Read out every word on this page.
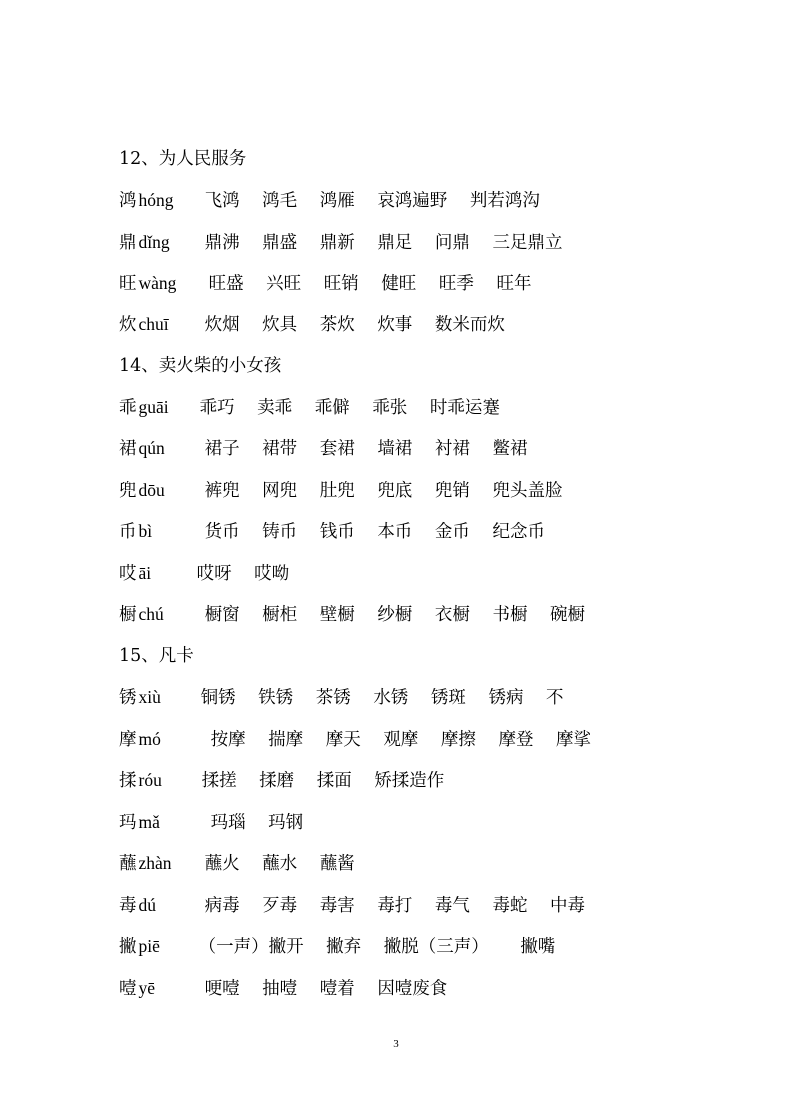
12、为人民服务
鸿 hóng 飞鸿 鸿毛 鸿雁 哀鸿遍野 判若鸿沟
鼎 dǐng 鼎沸 鼎盛 鼎新 鼎足 问鼎 三足鼎立
旺 wàng 旺盛 兴旺 旺销 健旺 旺季 旺年
炊 chuī 炊烟 炊具 茶炊 炊事 数米而炊
14、卖火柴的小女孩
乖 guāi 乖巧 卖乖 乖僻 乖张 时乖运蹇
裙 qún 裙子 裙带 套裙 墙裙 衬裙 鳖裙
兜 dōu 裤兜 网兜 肚兜 兜底 兜销 兜头盖脸
币 bì	货币 铸币 钱币 本币 金币 纪念币
哎 āi	哎呀 哎呦
橱 chú 橱窗 橱柜 壁橱 纱橱 衣橱 书橱 碗橱
15、凡卡
锈 xiù 铜锈 铁锈 茶锈 水锈 锈斑 锈病 不
摩 mó	按摩 揣摩 摩天 观摩 摩擦 摩登 摩挲
揉 róu 揉搓 揉磨 揉面 矫揉造作
玛 mǎ	玛瑙 玛钢
蘸 zhàn 蘸火 蘸水 蘸酱
毒 dú	病毒 歹毒 毒害 毒打 毒气 毒蛇 中毒
撇 piē （一声）撇开 撇弃 撇脱（三声） 撇嘴
噎 yē	哽噎 抽噎 噎着 因噎废食
3
